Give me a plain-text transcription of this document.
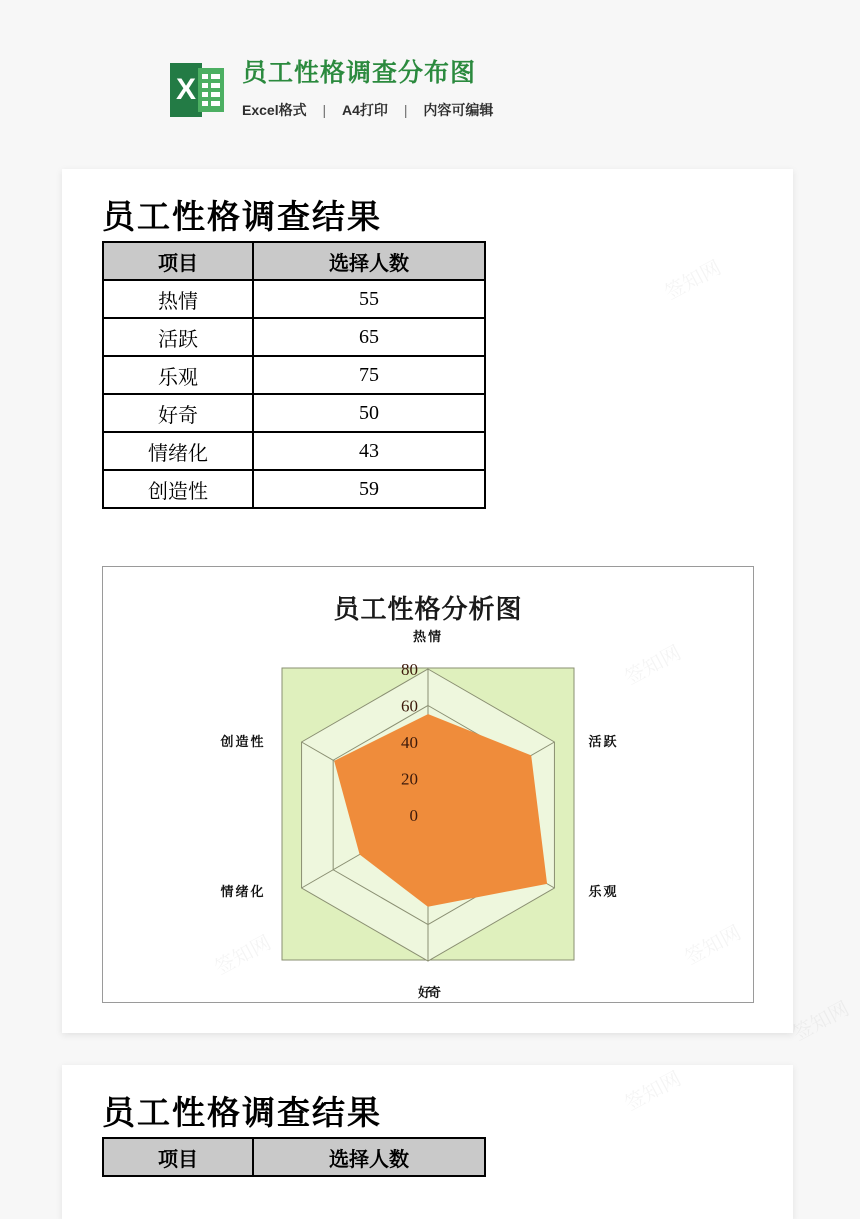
X 员工性格调查分布图
Excel格式 | A4打印 | 内容可编辑
员工性格调查结果
项目	选择人数
热情	55
活跃	65
乐观	75
好奇	50
情绪化	43
创造性	59
员工性格分析图
0
20
40
60
80
热情
活跃
乐观
好奇
情绪化
创造性
员工性格调查结果
项目	选择人数
